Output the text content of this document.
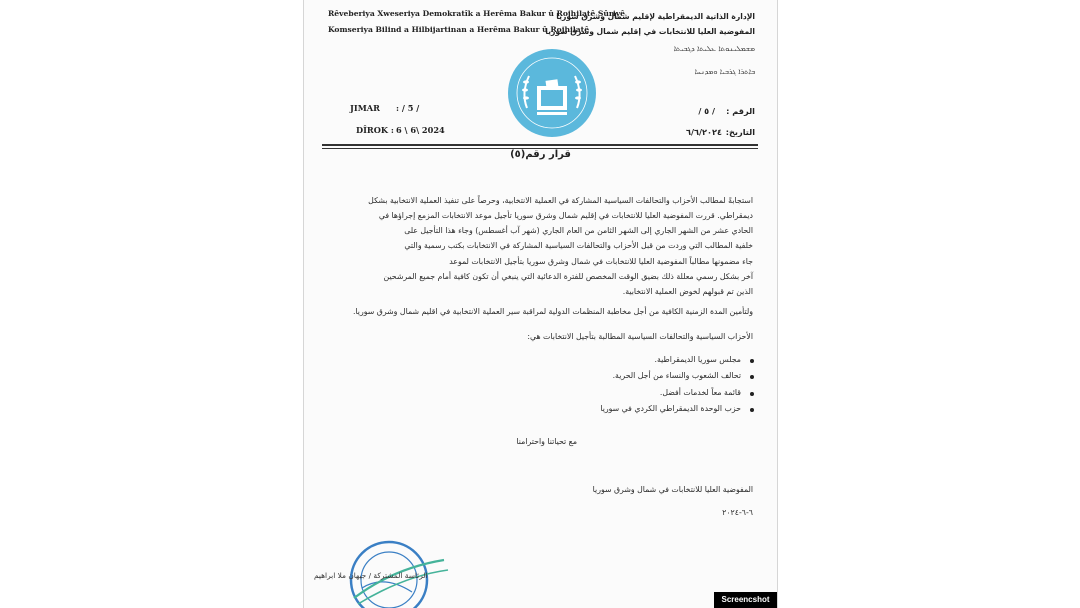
Rêveberiya Xweseriya Demokratîk a Herêma Bakur û Rojhilatê Sûriyê
Komseriya Bilind a Hilbijartinan a Herêma Bakur û Rojhilatê
الإدارة الذاتية الديمقراطية لإقليم شمال وشرق سوريا
المفوضية العليا للانتخابات في إقليم شمال وشرق سوريا
ܡܫܡܠܝܢܘܬܐ ܥܠܝܬܐ ܕܓܒܝܬܐ
ܒܐܬܪܐ ܓܪܒܝܐ ܘܡܕܢܚܐ
JIMAR : / 5 /
DÎROK : 6 \ 6\ 2024
الرقم :
/ ٥ /
التاريخ:
٦/٦/٢٠٢٤
قرار رقم(٥)
استجابةً لمطالب الأحزاب والتحالفات السياسية المشاركة في العملية الانتخابية، وحرصاً على تنفيذ العملية الانتخابية بشكل
ديمقراطي. قررت المفوضية العليا للانتخابات في إقليم شمال وشرق سوريا تأجيل موعد الانتخابات المزمع إجراؤها في
الحادي عشر من الشهر الجاري إلى الشهر الثامن من العام الجاري (شهر آب أغسطس) وجاء هذا التأجيل على
خلفية المطالب التي وردت من قبل الأحزاب والتحالفات السياسية المشاركة في الانتخابات بكتب رسمية والتي
جاء مضمونها مطالباً المفوضية العليا للانتخابات في شمال وشرق سوريا بتأجيل الانتخابات لموعد
آخر بشكل رسمي معللة ذلك بضيق الوقت المخصص للفترة الدعائية التي ينبغي أن تكون كافية أمام جميع المرشحين
الذين تم قبولهم لخوض العملية الانتخابية.
ولتأمين المدة الزمنية الكافية من أجل مخاطبة المنظمات الدولية لمراقبة سير العملية الانتخابية في اقليم شمال وشرق سوريا.
الأحزاب السياسية والتحالفات السياسية المطالبة بتأجيل الانتخابات هي:
مجلس سوريا الديمقراطية.
تحالف الشعوب والنساء من أجل الحرية.
قائمة معاً لخدمات أفضل.
حزب الوحدة الديمقراطي الكردي في سوريا
مع تحياتنا واحترامنا
المفوضية العليا للانتخابات في شمال وشرق سوريا
٦-٦-٢٠٢٤
الرئاسة المشتركة / جيهان ملا ابراهيم
Screencshot
